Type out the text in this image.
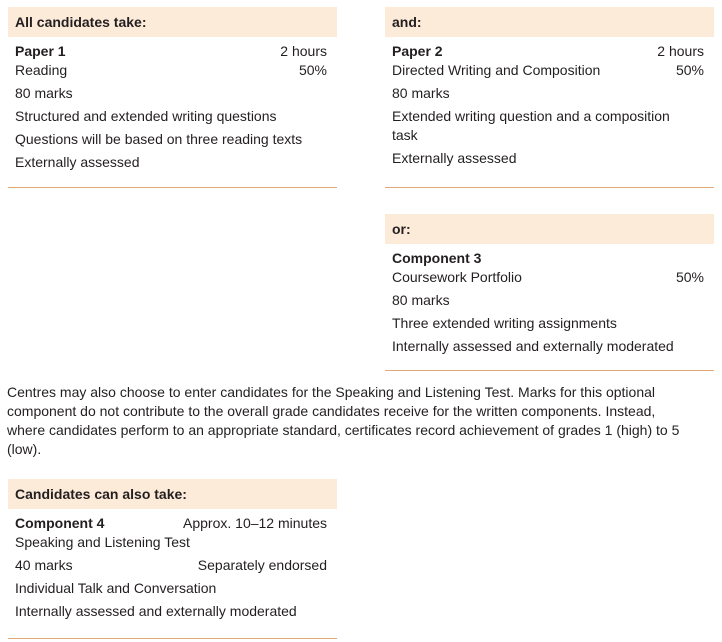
All candidates take:
Paper 1	2 hours
Reading	50%
80 marks
Structured and extended writing questions
Questions will be based on three reading texts
Externally assessed
and:
Paper 2	2 hours
Directed Writing and Composition	50%
80 marks
Extended writing question and a composition task
Externally assessed
or:
Component 3
Coursework Portfolio	50%
80 marks
Three extended writing assignments
Internally assessed and externally moderated

Centres may also choose to enter candidates for the Speaking and Listening Test. Marks for this optional component do not contribute to the overall grade candidates receive for the written components. Instead, where candidates perform to an appropriate standard, certificates record achievement of grades 1 (high) to 5 (low).

Candidates can also take:
Component 4	Approx. 10–12 minutes
Speaking and Listening Test
40 marks	Separately endorsed
Individual Talk and Conversation
Internally assessed and externally moderated
